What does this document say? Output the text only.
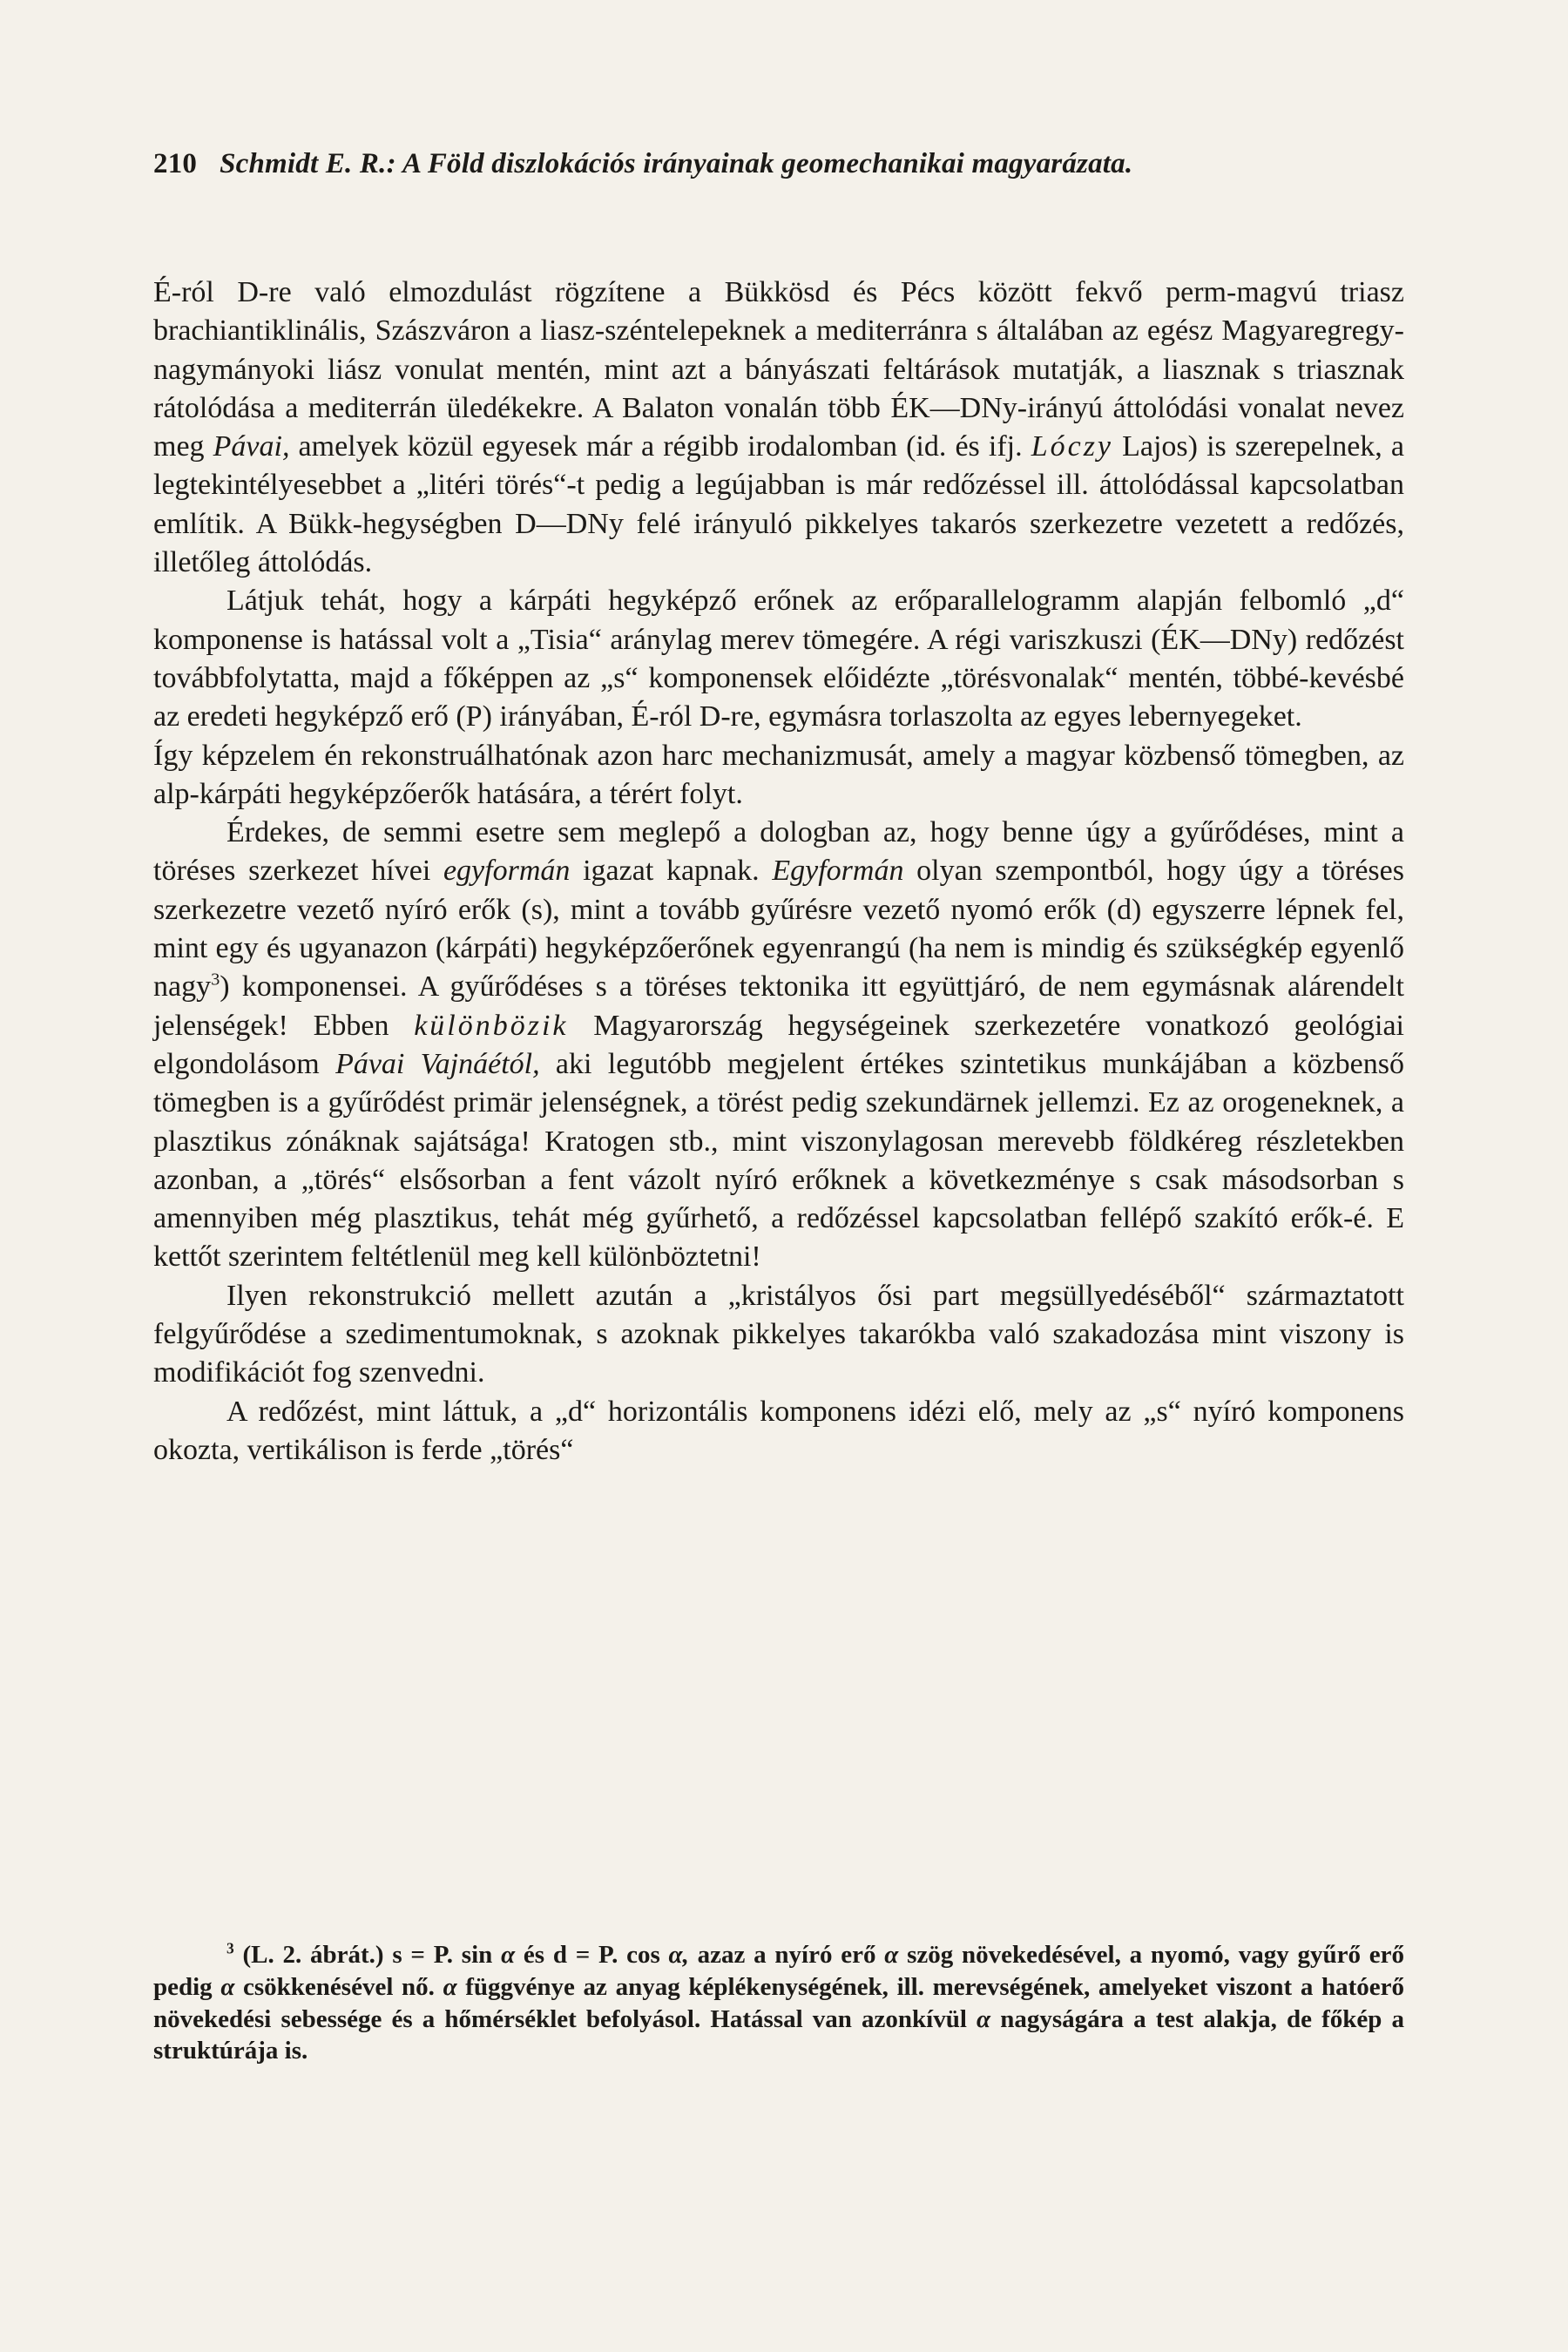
210 Schmidt E. R.: A Föld diszlokációs irányainak geomechanikai magyarázata.

É-ról D-re való elmozdulást rögzítene a Bükkösd és Pécs között fekvő perm-magvú triasz brachiantiklinális, Szászváron a liasz-széntelepeknek a mediterránra s általában az egész Magyaregregy-nagymányoki liász vonulat mentén, mint azt a bányászati feltárások mutatják, a liasznak s triasznak rátolódása a mediterrán üledékekre. A Balaton vonalán több ÉK—DNy-irányú áttolódási vonalat nevez meg Pávai, amelyek közül egyesek már a régibb irodalomban (id. és ifj. Lóczy Lajos) is szerepelnek, a legtekintélyesebbet a „litéri törés“-t pedig a legújabban is már redőzéssel ill. áttolódással kapcsolatban említik. A Bükk-hegységben D—DNy felé irányuló pikkelyes takarós szerkezetre vezetett a redőzés, illetőleg áttolódás.

Látjuk tehát, hogy a kárpáti hegyképző erőnek az erőparallelogramm alapján felbomló „d“ komponense is hatással volt a „Tisia“ aránylag merev tömegére. A régi variszkuszi (ÉK—DNy) redőzést továbbfolytatta, majd a főképpen az „s“ komponensek előidézte „törésvonalak“ mentén, többé-kevésbé az eredeti hegyképző erő (P) irányában, É-ról D-re, egymásra torlaszolta az egyes lebernyegeket.

Így képzelem én rekonstruálhatónak azon harc mechanizmusát, amely a magyar közbenső tömegben, az alp-kárpáti hegyképzőerők hatására, a térért folyt.

Érdekes, de semmi esetre sem meglepő a dologban az, hogy benne úgy a gyűrődéses, mint a töréses szerkezet hívei egyformán igazat kapnak. Egyformán olyan szempontból, hogy úgy a töréses szerkezetre vezető nyíró erők (s), mint a tovább gyűrésre vezető nyomó erők (d) egyszerre lépnek fel, mint egy és ugyanazon (kárpáti) hegyképzőerőnek egyenrangú (ha nem is mindig és szükségkép egyenlő nagy$^3$) komponensei. A gyűrődéses s a töréses tektonika itt együttjáró, de nem egymásnak alárendelt jelenségek! Ebben különbözik Magyarország hegységeinek szerkezetére vonatkozó geológiai elgondolásom Pávai Vajnáétól, aki legutóbb megjelent értékes szintetikus munkájában a közbenső tömegben is a gyűrődést primär jelenségnek, a törést pedig szekundärnek jellemzi. Ez az orogeneknek, a plasztikus zónáknak sajátsága! Kratogen stb., mint viszonylagosan merevebb földkéreg részletekben azonban, a „törés“ elsősorban a fent vázolt nyíró erőknek a következménye s csak másodsorban s amennyiben még plasztikus, tehát még gyűrhető, a redőzéssel kapcsolatban fellépő szakító erők-é. E kettőt szerintem feltétlenül meg kell különböztetni!

Ilyen rekonstrukció mellett azután a „kristályos ősi part megsüllyedéséből“ származtatott felgyűrődése a szedimentumoknak, s azoknak pikkelyes takarókba való szakadozása mint viszony is modifikációt fog szenvedni.

A redőzést, mint láttuk, a „d“ horizontális komponens idézi elő, mely az „s“ nyíró komponens okozta, vertikálison is ferde „törés“

$^3$ (L. 2. ábrát.) s = P. sin α és d = P. cos α, azaz a nyíró erő α szög növekedésével, a nyomó, vagy gyűrő erő pedig α csökkenésével nő. α függvénye az anyag képlékenységének, ill. merevségének, amelyeket viszont a hatóerő növekedési sebessége és a hőmérséklet befolyásol. Hatással van azonkívül α nagyságára a test alakja, de főkép a struktúrája is.
